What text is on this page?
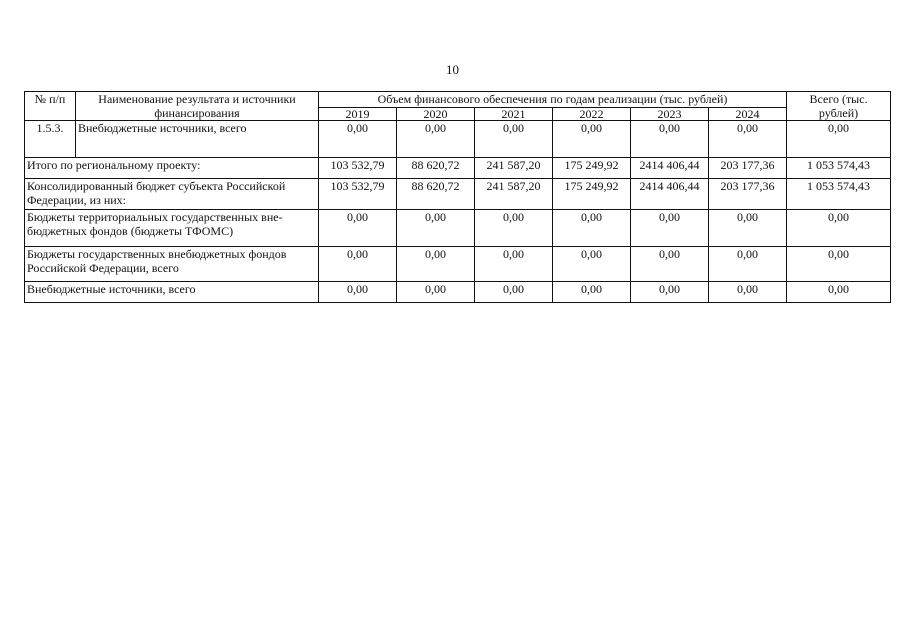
10
№ п/п	Наименование результата и источники финансирования	Объем финансового обеспечения по годам реализации (тыс. рублей)						Всего (тыс. рублей)
		2019	2020	2021	2022	2023	2024	
1.5.3.	Внебюджетные источники, всего	0,00	0,00	0,00	0,00	0,00	0,00	0,00
Итого по региональному проекту:		103 532,79	88 620,72	241 587,20	175 249,92	2414 406,44	203 177,36	1 053 574,43
Консолидированный бюджет субъекта Российской Федерации, из них:		103 532,79	88 620,72	241 587,20	175 249,92	2414 406,44	203 177,36	1 053 574,43
Бюджеты территориальных государственных вне-бюджетных фондов (бюджеты ТФОМС)		0,00	0,00	0,00	0,00	0,00	0,00	0,00
Бюджеты государственных внебюджетных фондов Российской Федерации, всего		0,00	0,00	0,00	0,00	0,00	0,00	0,00
Внебюджетные источники, всего		0,00	0,00	0,00	0,00	0,00	0,00	0,00
